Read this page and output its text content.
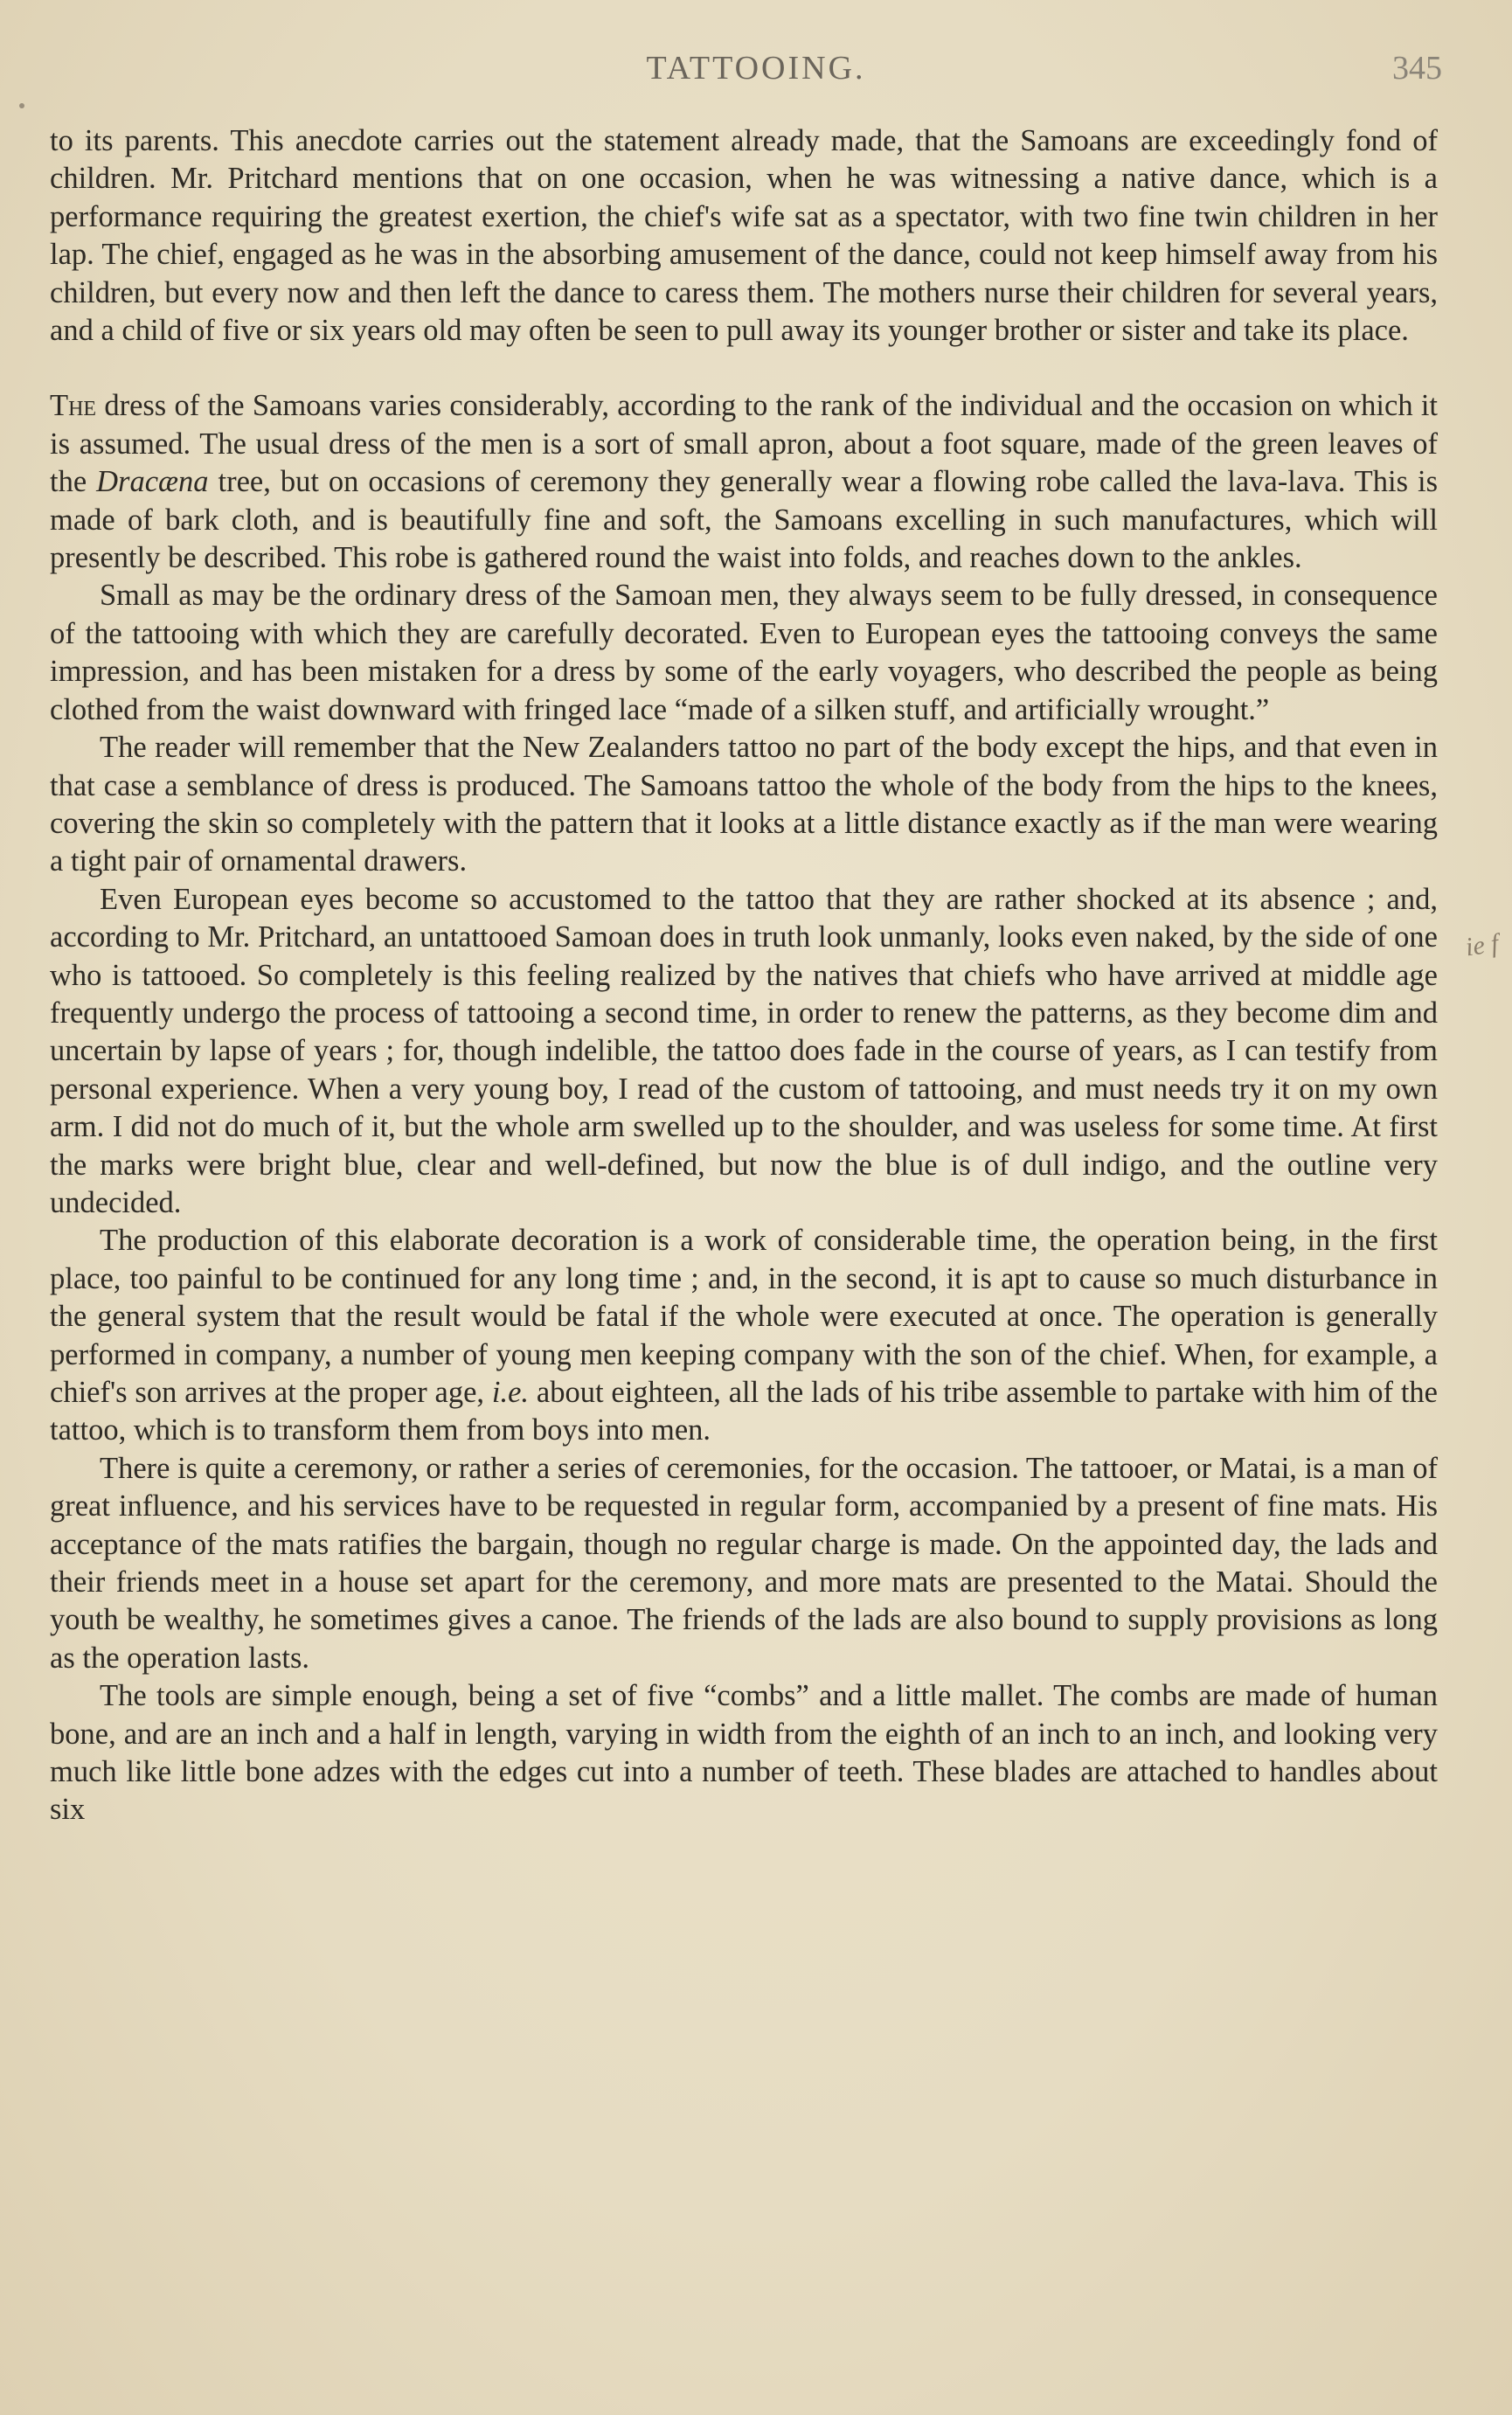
TATTOOING.	345

to its parents. This anecdote carries out the statement already made, that the Samoans are exceedingly fond of children. Mr. Pritchard mentions that on one occasion, when he was witnessing a native dance, which is a performance requiring the greatest exertion, the chief's wife sat as a spectator, with two fine twin children in her lap. The chief, engaged as he was in the absorbing amusement of the dance, could not keep himself away from his children, but every now and then left the dance to caress them. The mothers nurse their children for several years, and a child of five or six years old may often be seen to pull away its younger brother or sister and take its place.

The dress of the Samoans varies considerably, according to the rank of the individual and the occasion on which it is assumed. The usual dress of the men is a sort of small apron, about a foot square, made of the green leaves of the Dracæna tree, but on occasions of ceremony they generally wear a flowing robe called the lava-lava. This is made of bark cloth, and is beautifully fine and soft, the Samoans excelling in such manufactures, which will presently be described. This robe is gathered round the waist into folds, and reaches down to the ankles.

Small as may be the ordinary dress of the Samoan men, they always seem to be fully dressed, in consequence of the tattooing with which they are carefully decorated. Even to European eyes the tattooing conveys the same impression, and has been mistaken for a dress by some of the early voyagers, who described the people as being clothed from the waist downward with fringed lace “made of a silken stuff, and artificially wrought.”

The reader will remember that the New Zealanders tattoo no part of the body except the hips, and that even in that case a semblance of dress is produced. The Samoans tattoo the whole of the body from the hips to the knees, covering the skin so completely with the pattern that it looks at a little distance exactly as if the man were wearing a tight pair of ornamental drawers.

Even European eyes become so accustomed to the tattoo that they are rather shocked at its absence ; and, according to Mr. Pritchard, an untattooed Samoan does in truth look unmanly, looks even naked, by the side of one who is tattooed. So completely is this feeling realized by the natives that chiefs who have arrived at middle age frequently undergo the process of tattooing a second time, in order to renew the patterns, as they become dim and uncertain by lapse of years ; for, though indelible, the tattoo does fade in the course of years, as I can testify from personal experience. When a very young boy, I read of the custom of tattooing, and must needs try it on my own arm. I did not do much of it, but the whole arm swelled up to the shoulder, and was useless for some time. At first the marks were bright blue, clear and well-defined, but now the blue is of dull indigo, and the outline very undecided.

The production of this elaborate decoration is a work of considerable time, the operation being, in the first place, too painful to be continued for any long time ; and, in the second, it is apt to cause so much disturbance in the general system that the result would be fatal if the whole were executed at once. The operation is generally performed in company, a number of young men keeping company with the son of the chief. When, for example, a chief's son arrives at the proper age, i.e. about eighteen, all the lads of his tribe assemble to partake with him of the tattoo, which is to transform them from boys into men.

There is quite a ceremony, or rather a series of ceremonies, for the occasion. The tattooer, or Matai, is a man of great influence, and his services have to be requested in regular form, accompanied by a present of fine mats. His acceptance of the mats ratifies the bargain, though no regular charge is made. On the appointed day, the lads and their friends meet in a house set apart for the ceremony, and more mats are presented to the Matai. Should the youth be wealthy, he sometimes gives a canoe. The friends of the lads are also bound to supply provisions as long as the operation lasts.

The tools are simple enough, being a set of five “combs” and a little mallet. The combs are made of human bone, and are an inch and a half in length, varying in width from the eighth of an inch to an inch, and looking very much like little bone adzes with the edges cut into a number of teeth. These blades are attached to handles about six

ie f
